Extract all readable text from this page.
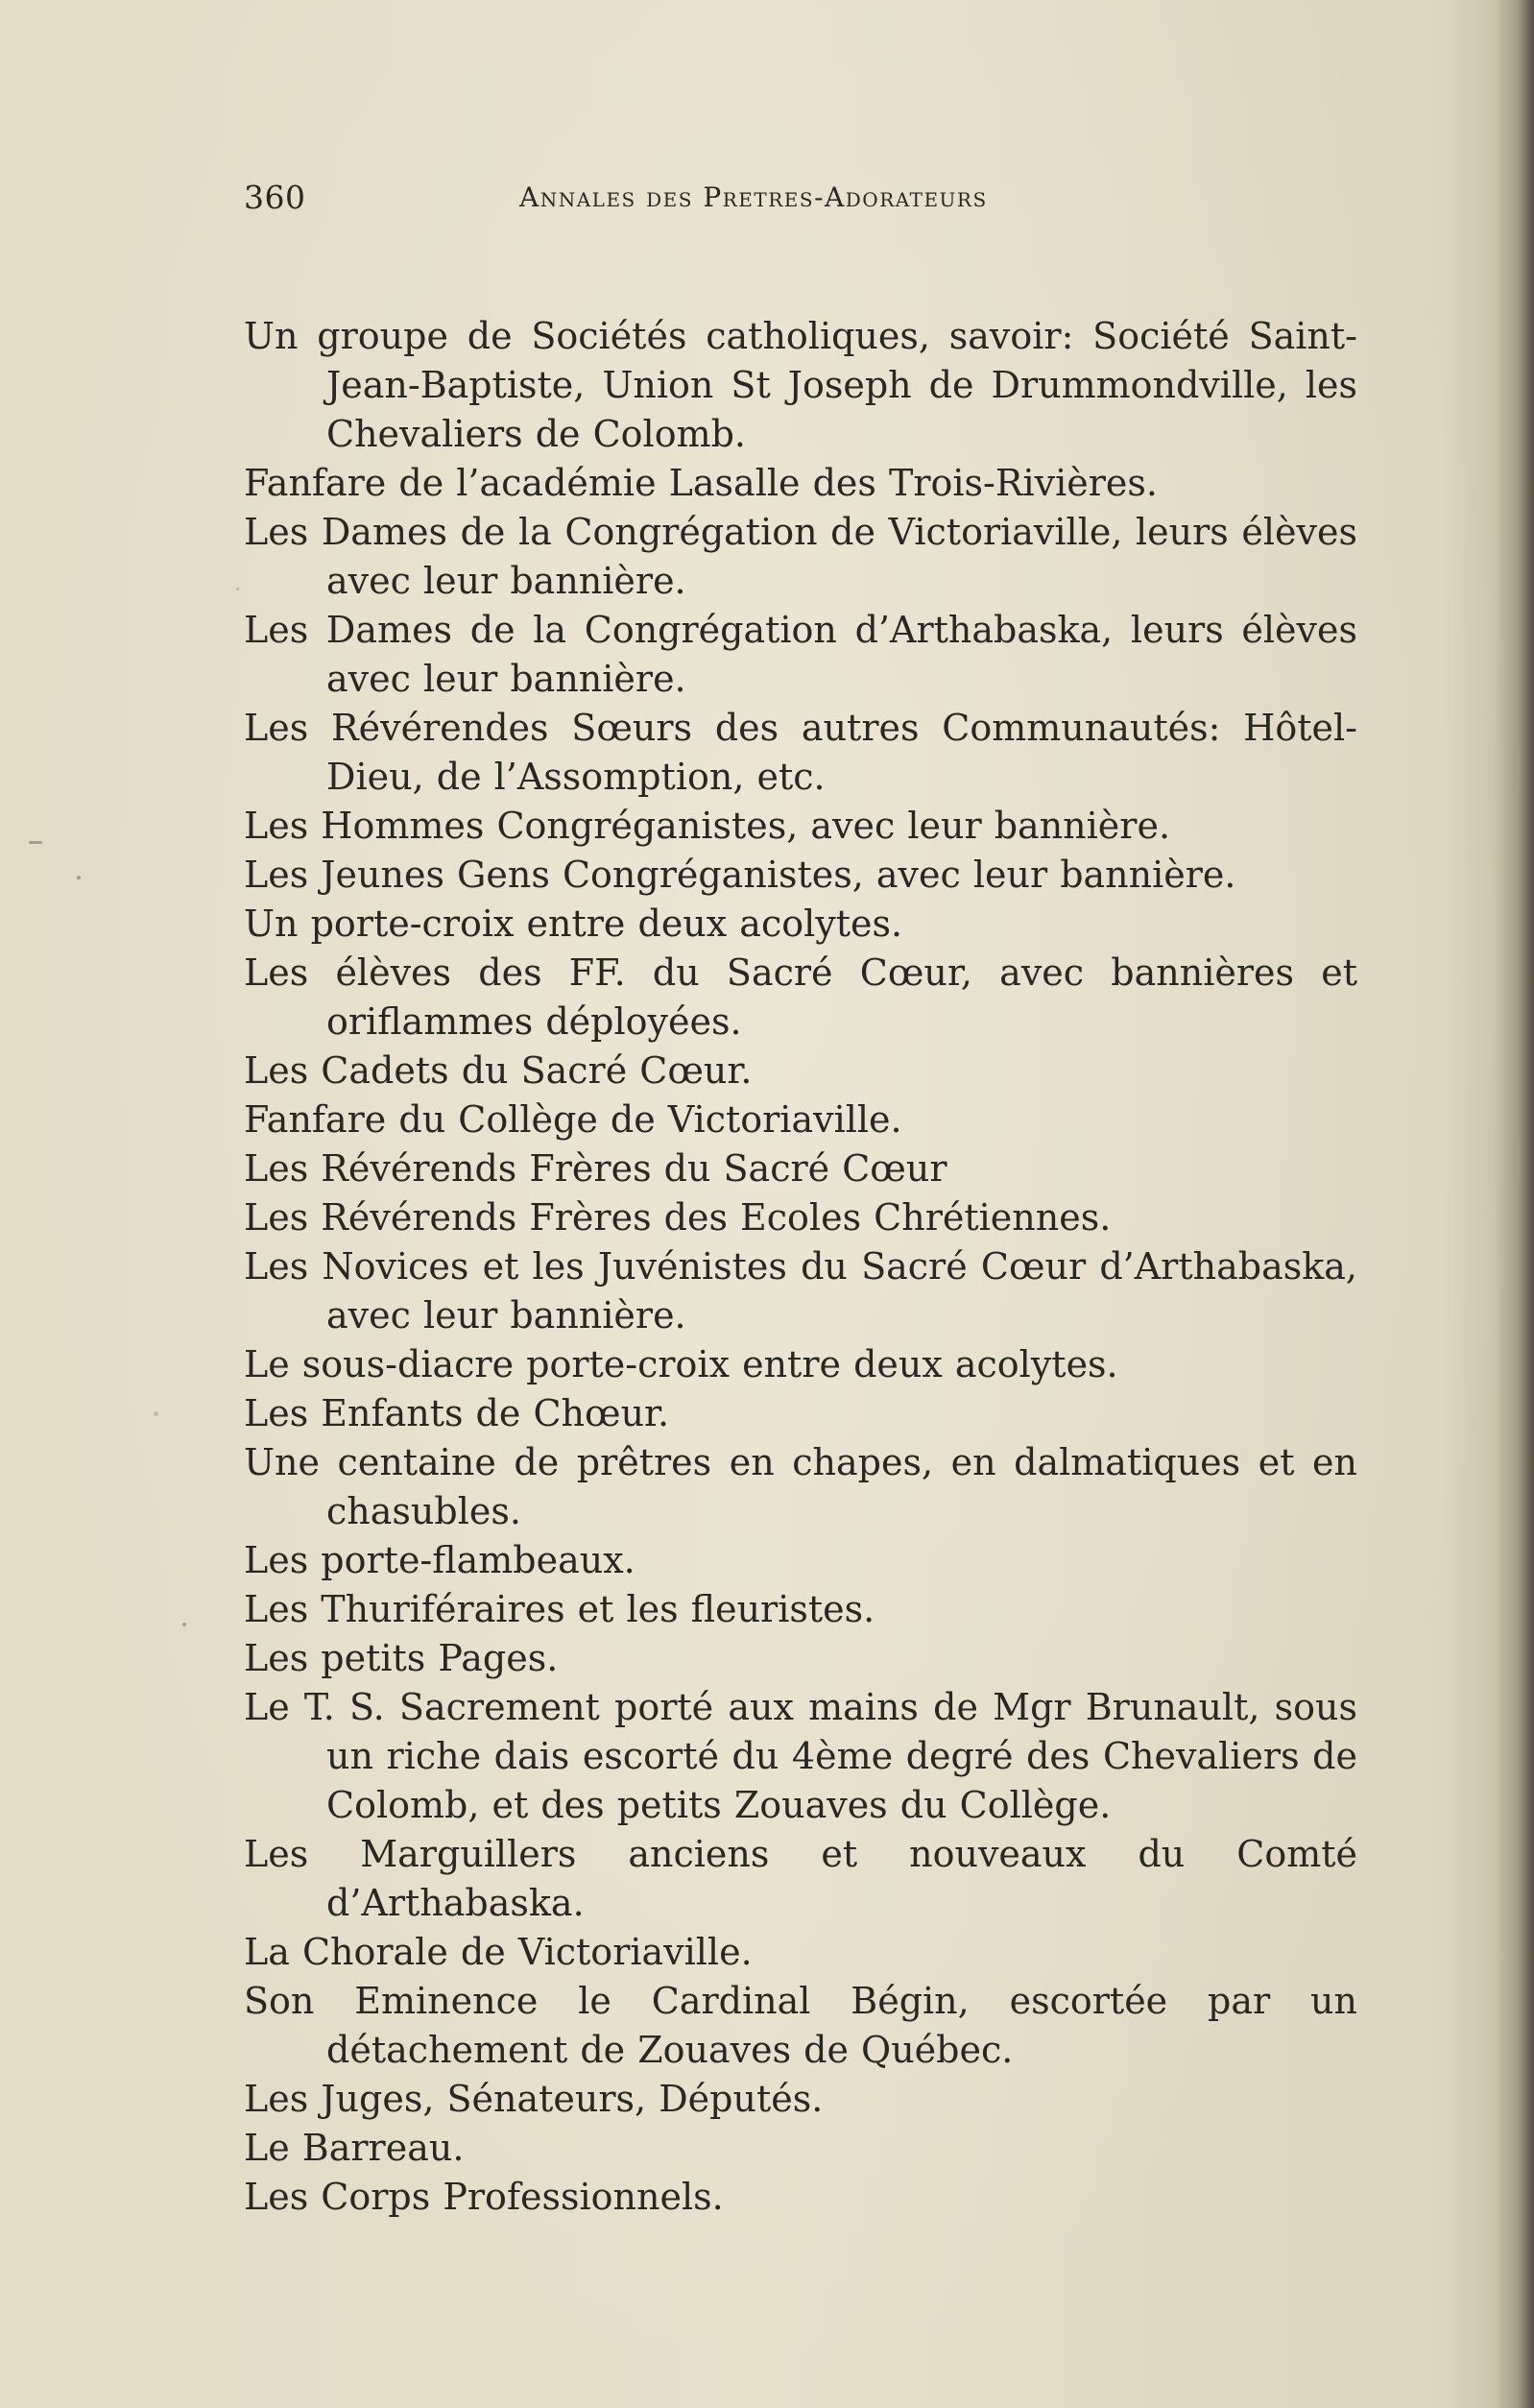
360	Annales des Pretres-Adorateurs
Un groupe de Sociétés catholiques, savoir: Société Saint-Jean-Baptiste, Union St Joseph de Drummondville, les Chevaliers de Colomb.
Fanfare de l’académie Lasalle des Trois-Rivières.
Les Dames de la Congrégation de Victoriaville, leurs élèves avec leur bannière.
Les Dames de la Congrégation d’Arthabaska, leurs élèves avec leur bannière.
Les Révérendes Sœurs des autres Communautés: Hôtel-Dieu, de l’Assomption, etc.
Les Hommes Congréganistes, avec leur bannière.
Les Jeunes Gens Congréganistes, avec leur bannière.
Un porte-croix entre deux acolytes.
Les élèves des FF. du Sacré Cœur, avec bannières et oriflammes déployées.
Les Cadets du Sacré Cœur.
Fanfare du Collège de Victoriaville.
Les Révérends Frères du Sacré Cœur
Les Révérends Frères des Ecoles Chrétiennes.
Les Novices et les Juvénistes du Sacré Cœur d’Arthabaska, avec leur bannière.
Le sous-diacre porte-croix entre deux acolytes.
Les Enfants de Chœur.
Une centaine de prêtres en chapes, en dalmatiques et en chasubles.
Les porte-flambeaux.
Les Thuriféraires et les fleuristes.
Les petits Pages.
Le T. S. Sacrement porté aux mains de Mgr Brunault, sous un riche dais escorté du 4ème degré des Chevaliers de Colomb, et des petits Zouaves du Collège.
Les Marguillers anciens et nouveaux du Comté d’Arthabaska.
La Chorale de Victoriaville.
Son Eminence le Cardinal Bégin, escortée par un détachement de Zouaves de Québec.
Les Juges, Sénateurs, Députés.
Le Barreau.
Les Corps Professionnels.
